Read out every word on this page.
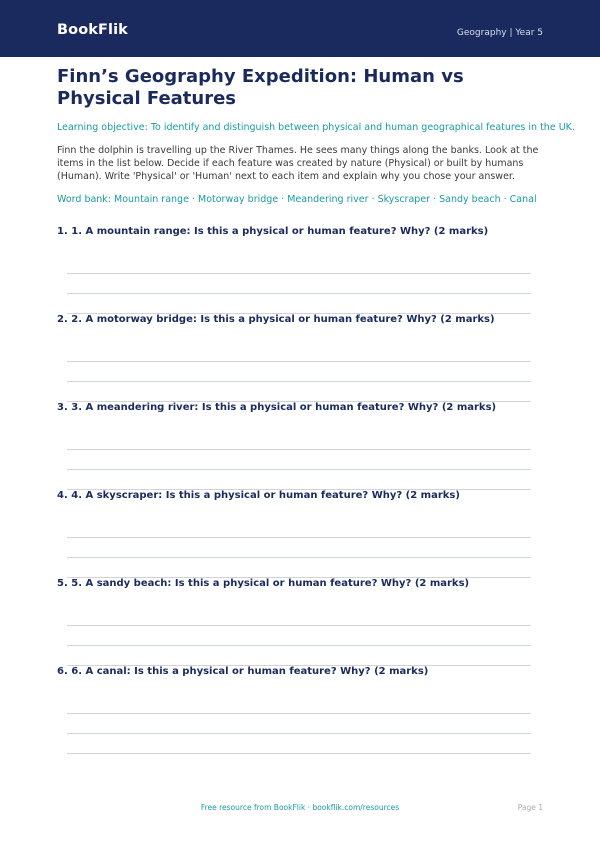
BookFlik	Geography | Year 5
Finn’s Geography Expedition: Human vs Physical Features

Learning objective: To identify and distinguish between physical and human geographical features in the UK.

Finn the dolphin is travelling up the River Thames. He sees many things along the banks. Look at the items in the list below. Decide if each feature was created by nature (Physical) or built by humans (Human). Write 'Physical' or 'Human' next to each item and explain why you chose your answer.

Word bank: Mountain range · Motorway bridge · Meandering river · Skyscraper · Sandy beach · Canal

1. 1. A mountain range: Is this a physical or human feature? Why? (2 marks)

2. 2. A motorway bridge: Is this a physical or human feature? Why? (2 marks)

3. 3. A meandering river: Is this a physical or human feature? Why? (2 marks)

4. 4. A skyscraper: Is this a physical or human feature? Why? (2 marks)

5. 5. A sandy beach: Is this a physical or human feature? Why? (2 marks)

6. 6. A canal: Is this a physical or human feature? Why? (2 marks)

Free resource from BookFlik · bookflik.com/resources	Page 1
